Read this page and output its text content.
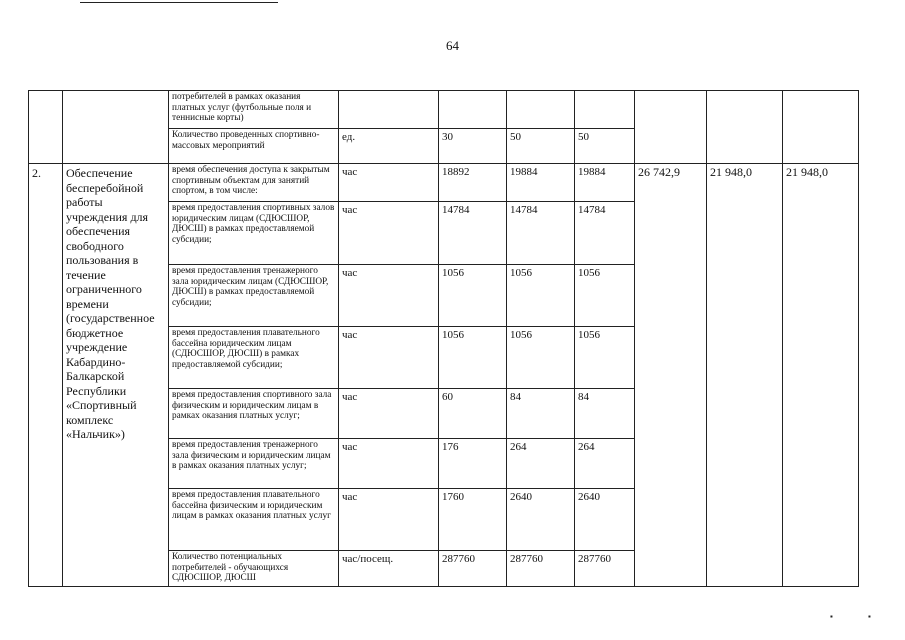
64
		потребителей в рамках оказания платных услуг (футбольные поля и теннисные корты)							
		Количество проведенных спортивно-массовых мероприятий	ед.	30	50	50			
2.	Обеспечение бесперебойной работы учреждения для обеспечения свободного пользования в течение ограниченного времени (государственное бюджетное учреждение Кабардино-Балкарской Республики «Спортивный комплекс «Нальчик»)	время обеспечения доступа к закрытым спортивным объектам для занятий спортом, в том числе:	час	18892	19884	19884	26 742,9	21 948,0	21 948,0
		время предоставления спортивных залов юридическим лицам (СДЮСШОР, ДЮСШ) в рамках предоставляемой субсидии;	час	14784	14784	14784			
		время предоставления тренажерного зала юридическим лицам (СДЮСШОР, ДЮСШ) в рамках предоставляемой субсидии;	час	1056	1056	1056			
		время предоставления плавательного бассейна юридическим лицам (СДЮСШОР, ДЮСШ) в рамках предоставляемой субсидии;	час	1056	1056	1056			
		время предоставления спортивного зала физическим и юридическим лицам в рамках оказания платных услуг;	час	60	84	84			
		время предоставления тренажерного зала физическим и юридическим лицам в рамках оказания платных услуг;	час	176	264	264			
		время предоставления плавательного бассейна физическим и юридическим лицам в рамках оказания платных услуг	час	1760	2640	2640			
		Количество потенциальных потребителей - обучающихся СДЮСШОР, ДЮСШ	час/посещ.	287760	287760	287760			
▪	▪
